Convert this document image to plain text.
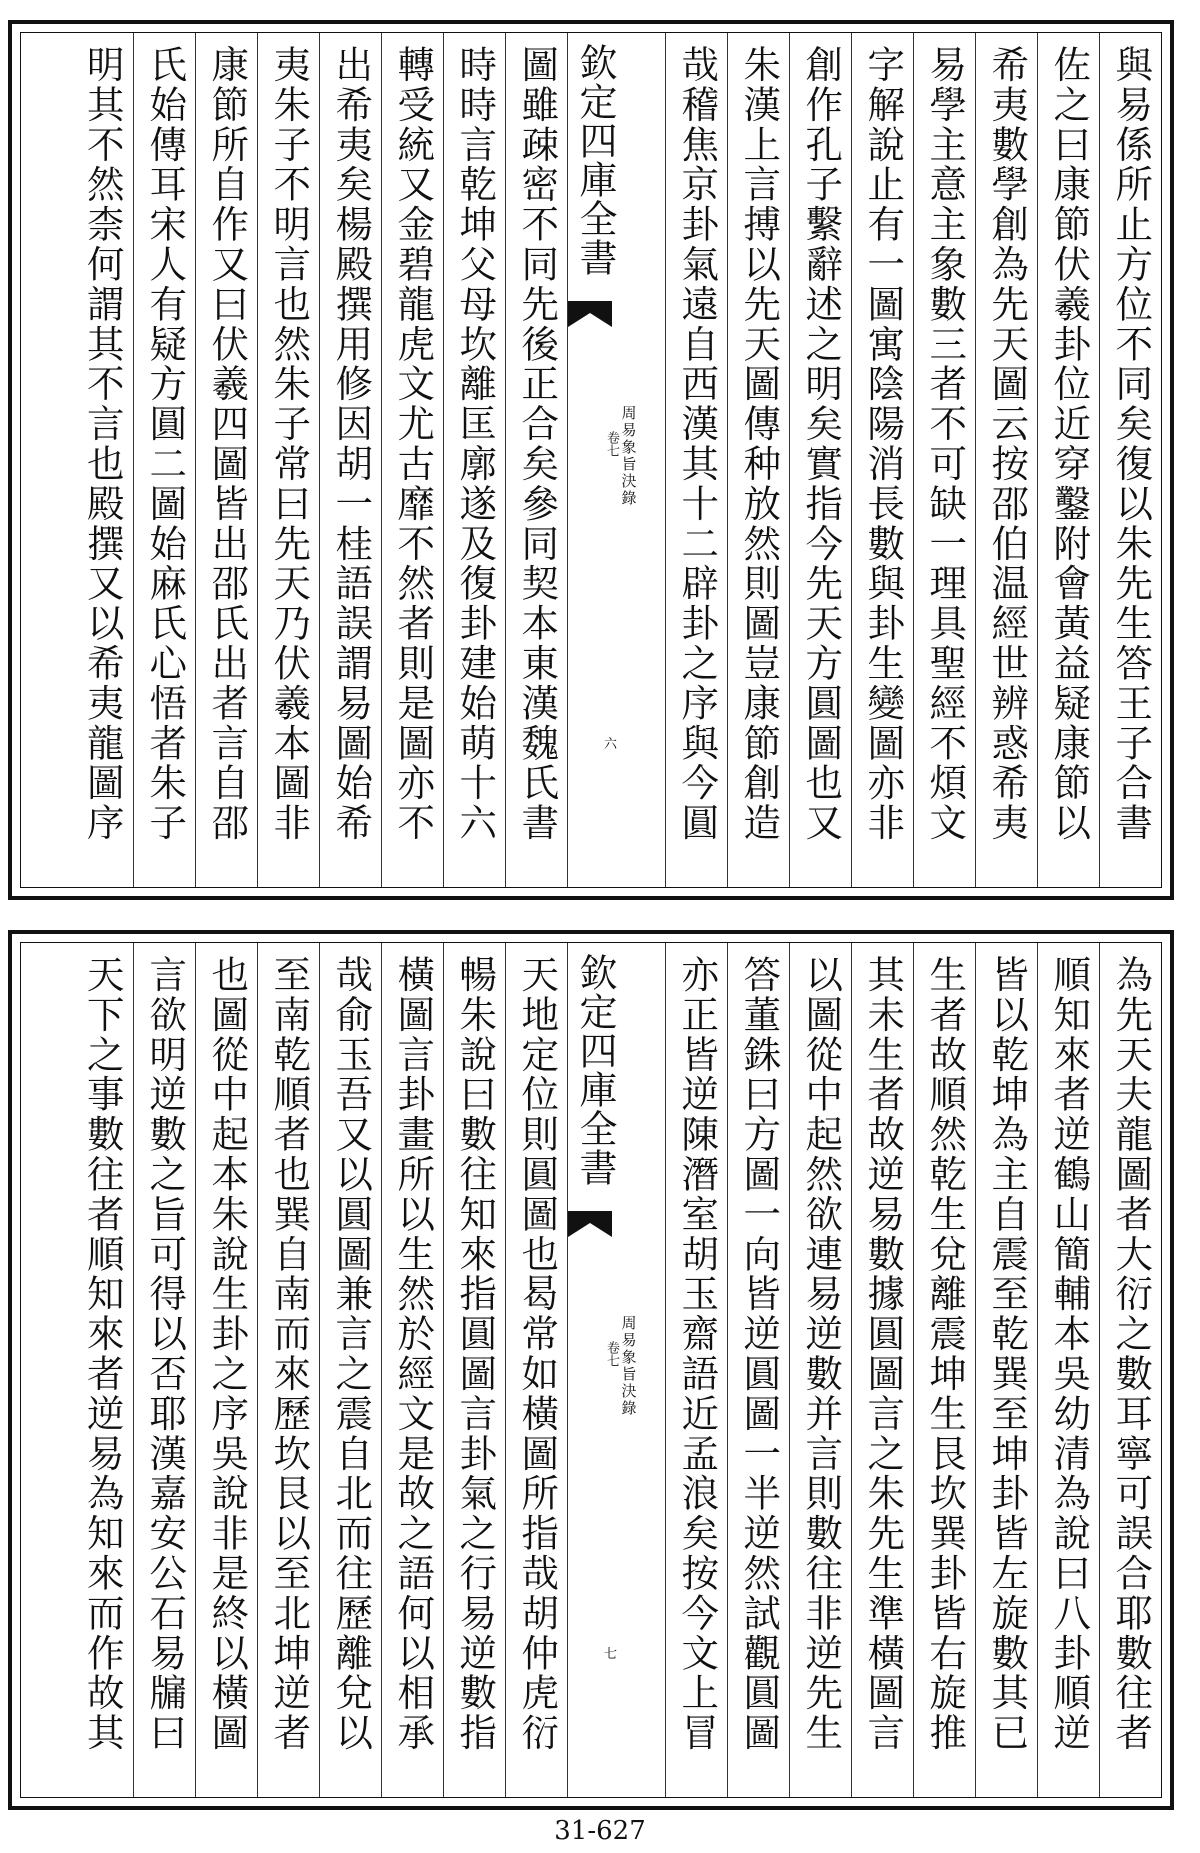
與易係所止方位不同矣復以朱先生答王子合書
佐之曰康節伏羲卦位近穿鑿附會黃益疑康節以
希夷數學創為先天圖云按邵伯温經世辨惑希夷
易學主意主象數三者不可缺一理具聖經不煩文
字解說止有一圖寓陰陽消長數與卦生變圖亦非
創作孔子繫辭述之明矣實指今先天方圓圖也又
朱漢上言搏以先天圖傳种放然則圖豈康節創造
哉稽焦京卦氣遠自西漢其十二辟卦之序與今圓
欽定四庫全書
周易象旨決錄
卷七
六
圖雖疎密不同先後正合矣參同契本東漢魏氏書
時時言乾坤父母坎離匡廓遂及復卦建始萌十六
轉受統又金碧龍虎文尤古靡不然者則是圖亦不
出希夷矣楊殿撰用修因胡一桂語誤謂易圖始希
夷朱子不明言也然朱子常曰先天乃伏羲本圖非
康節所自作又曰伏羲四圖皆出邵氏出者言自邵
氏始傳耳宋人有疑方圓二圖始麻氏心悟者朱子
明其不然柰何謂其不言也殿撰又以希夷龍圖序
為先天夫龍圖者大衍之數耳寧可誤合耶數往者
順知來者逆鶴山簡輔本吳幼清為說曰八卦順逆
皆以乾坤為主自震至乾巽至坤卦皆左旋數其已
生者故順然乾生兌離震坤生艮坎巽卦皆右旋推
其未生者故逆易數據圓圖言之朱先生準橫圖言
以圖從中起然欲連易逆數并言則數往非逆先生
答董銖曰方圖一向皆逆圓圖一半逆然試觀圓圖
亦正皆逆陳潛室胡玉齋語近孟浪矣按今文上冒
欽定四庫全書
周易象旨決錄
卷七
七
天地定位則圓圖也曷常如橫圖所指哉胡仲虎衍
暢朱說曰數往知來指圓圖言卦氣之行易逆數指
橫圖言卦畫所以生然於經文是故之語何以相承
哉俞玉吾又以圓圖兼言之震自北而往歷離兌以
至南乾順者也巽自南而來歷坎艮以至北坤逆者
也圖從中起本朱說生卦之序吳說非是終以橫圖
言欲明逆數之旨可得以否耶漢嘉安公石易牖曰
天下之事數往者順知來者逆易為知來而作故其
31-627
